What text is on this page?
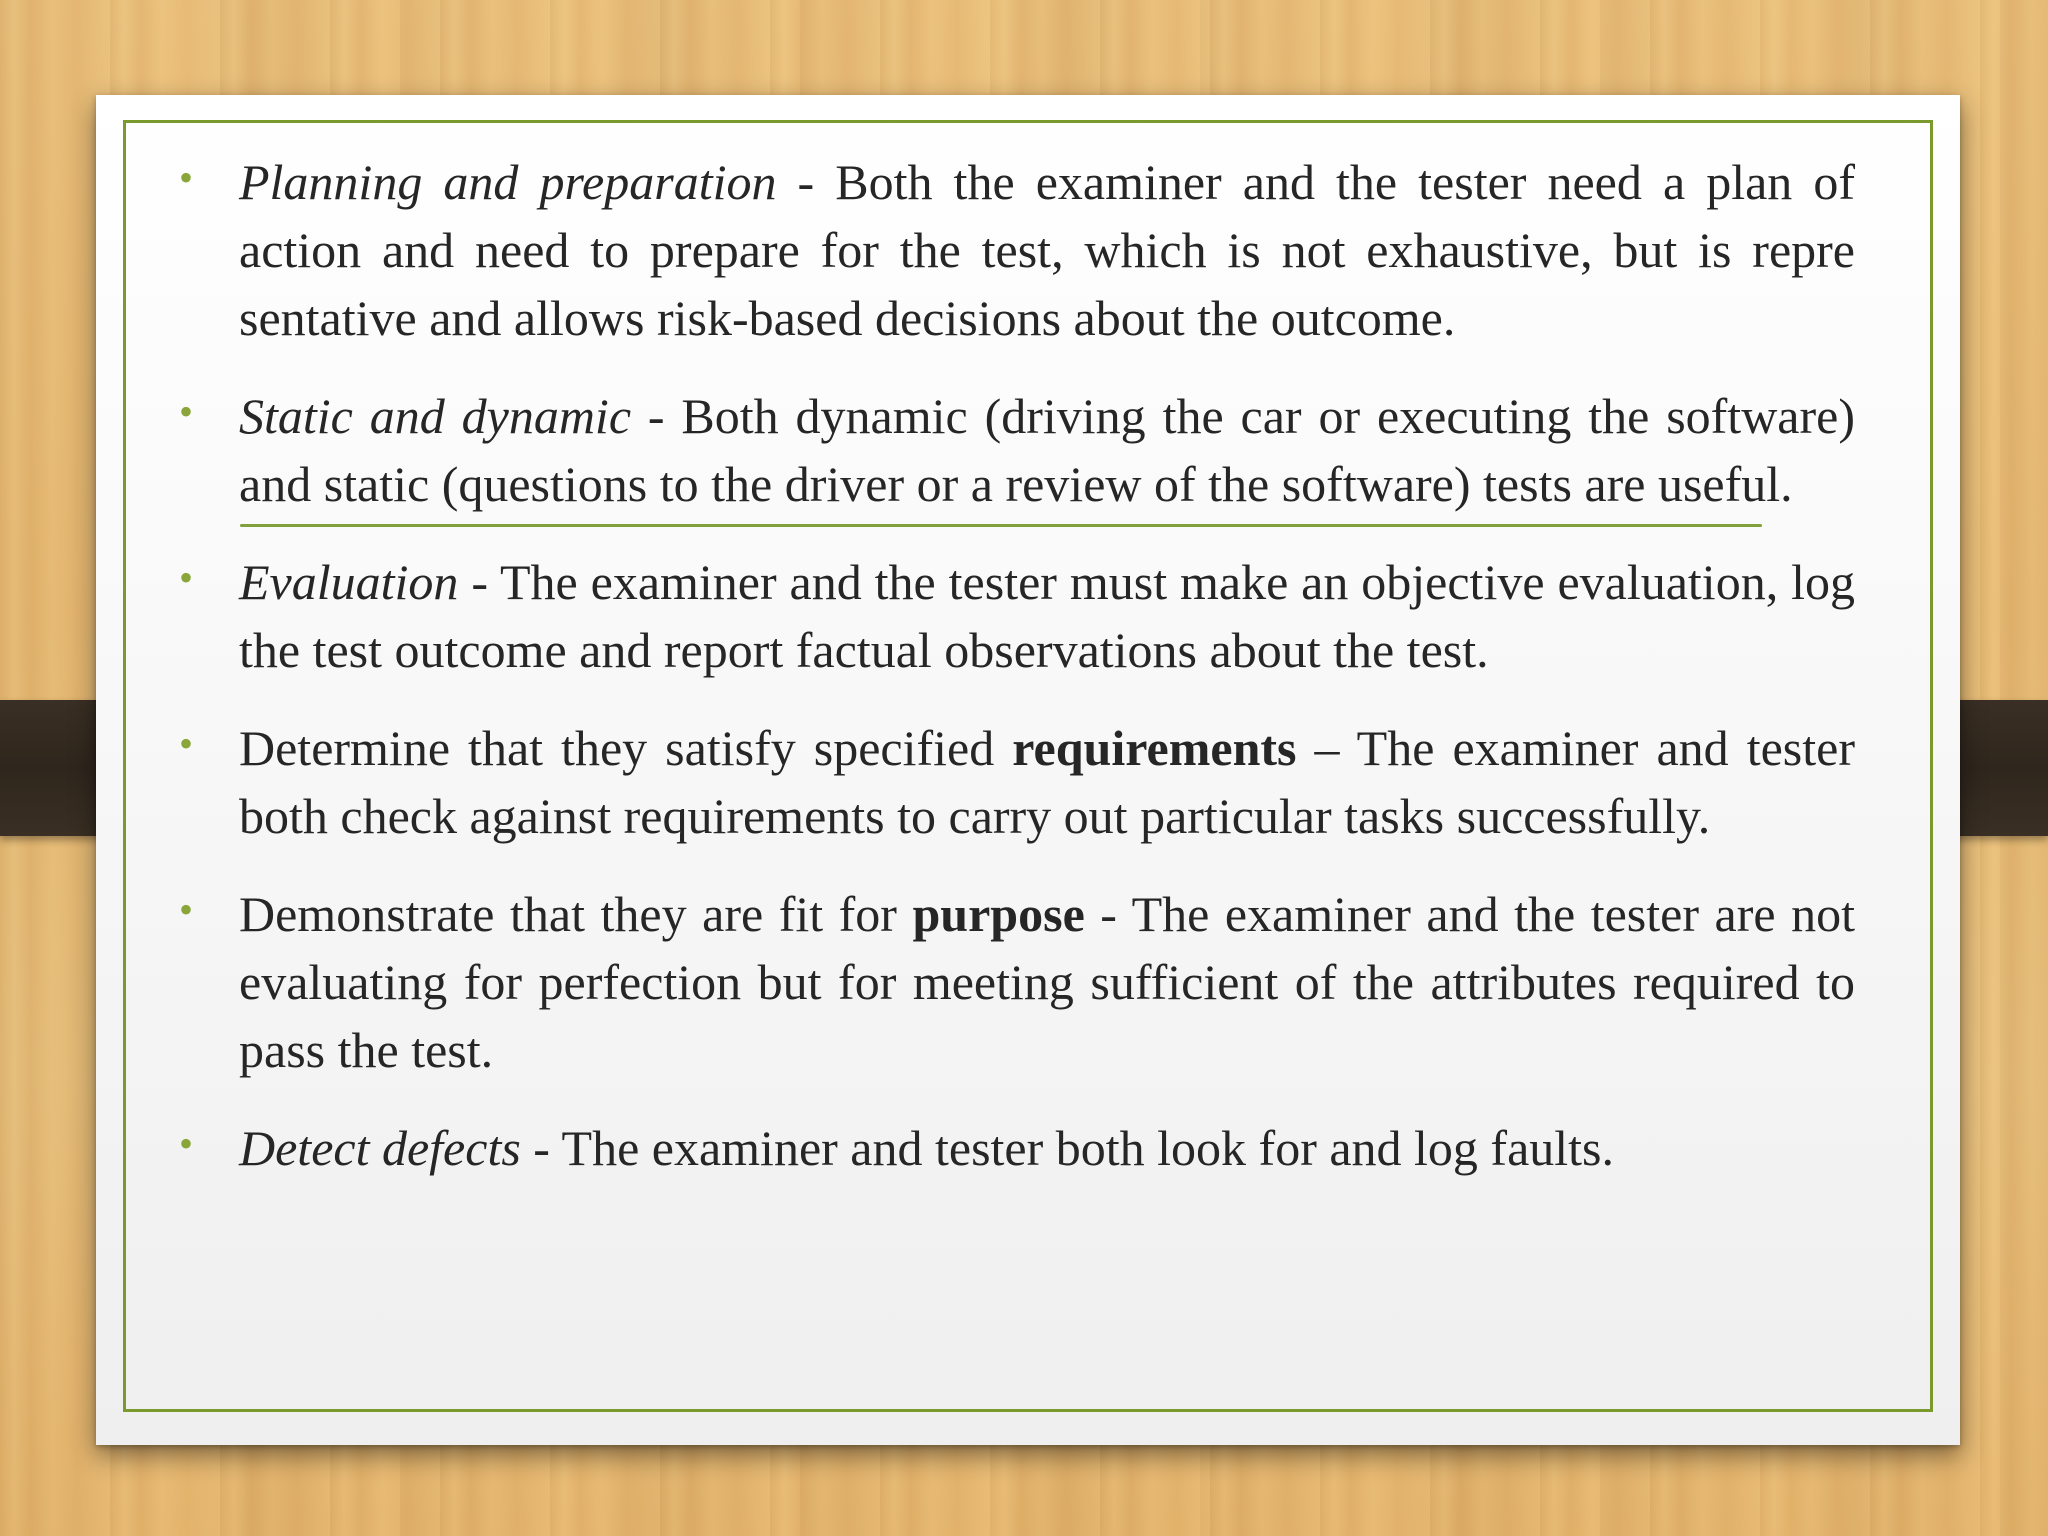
• Planning and preparation - Both the examiner and the tester need a plan of action and need to prepare for the test, which is not exhaustive, but is repre sentative and allows risk-based decisions about the outcome.
• Static and dynamic - Both dynamic (driving the car or executing the software) and static (questions to the driver or a review of the software) tests are useful.
• Evaluation - The examiner and the tester must make an objective evaluation, log the test outcome and report factual observations about the test.
• Determine that they satisfy specified requirements – The examiner and tester both check against requirements to carry out particular tasks successfully.
• Demonstrate that they are fit for purpose - The examiner and the tester are not evaluating for perfection but for meeting sufficient of the attributes required to pass the test.
• Detect defects - The examiner and tester both look for and log faults.
